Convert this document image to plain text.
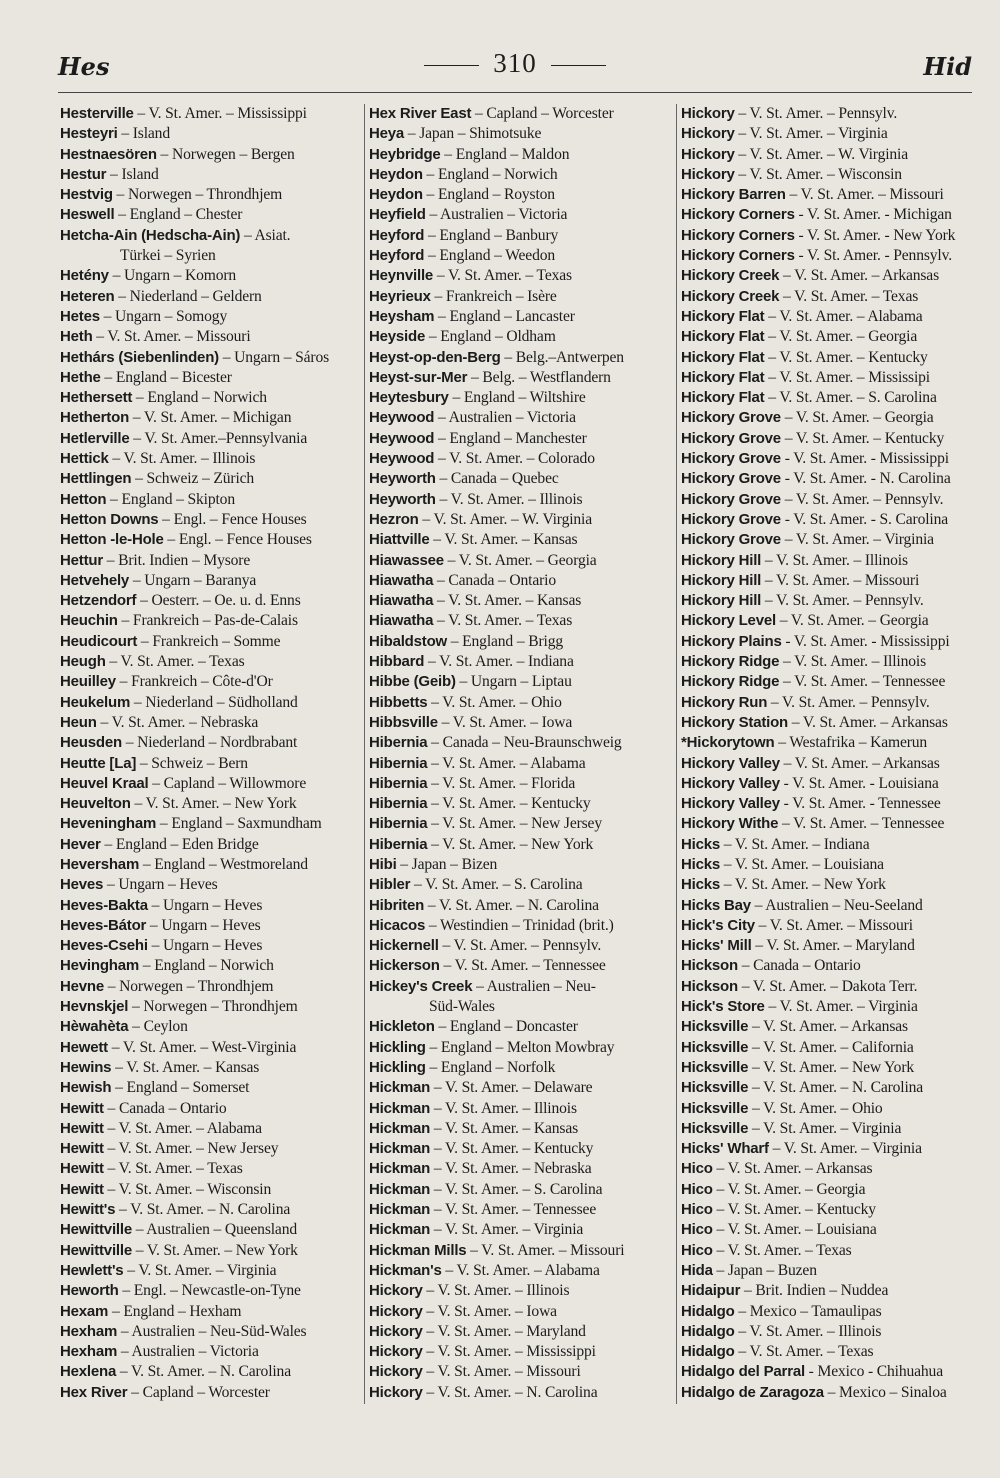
Hes	310	Hid
Hesterville – V. St. Amer. – Mississippi
Hesteyri – Island
Hestnaesören – Norwegen – Bergen
Hestur – Island
Hestvig – Norwegen – Throndhjem
Heswell – England – Chester
Hetcha-Ain (Hedscha-Ain) – Asiat.
Türkei – Syrien
Hetény – Ungarn – Komorn
Heteren – Niederland – Geldern
Hetes – Ungarn – Somogy
Heth – V. St. Amer. – Missouri
Hethárs (Siebenlinden) – Ungarn – Sáros
Hethe – England – Bicester
Hethersett – England – Norwich
Hetherton – V. St. Amer. – Michigan
Hetlerville – V. St. Amer.–Pennsylvania
Hettick – V. St. Amer. – Illinois
Hettlingen – Schweiz – Zürich
Hetton – England – Skipton
Hetton Downs – Engl. – Fence Houses
Hetton -le-Hole – Engl. – Fence Houses
Hettur – Brit. Indien – Mysore
Hetvehely – Ungarn – Baranya
Hetzendorf – Oesterr. – Oe. u. d. Enns
Heuchin – Frankreich – Pas-de-Calais
Heudicourt – Frankreich – Somme
Heugh – V. St. Amer. – Texas
Heuilley – Frankreich – Côte-d'Or
Heukelum – Niederland – Südholland
Heun – V. St. Amer. – Nebraska
Heusden – Niederland – Nordbrabant
Heutte [La] – Schweiz – Bern
Heuvel Kraal – Capland – Willowmore
Heuvelton – V. St. Amer. – New York
Heveningham – England – Saxmundham
Hever – England – Eden Bridge
Heversham – England – Westmoreland
Heves – Ungarn – Heves
Heves-Bakta – Ungarn – Heves
Heves-Bátor – Ungarn – Heves
Heves-Csehi – Ungarn – Heves
Hevingham – England – Norwich
Hevne – Norwegen – Throndhjem
Hevnskjel – Norwegen – Throndhjem
Hèwahèta – Ceylon
Hewett – V. St. Amer. – West-Virginia
Hewins – V. St. Amer. – Kansas
Hewish – England – Somerset
Hewitt – Canada – Ontario
Hewitt – V. St. Amer. – Alabama
Hewitt – V. St. Amer. – New Jersey
Hewitt – V. St. Amer. – Texas
Hewitt – V. St. Amer. – Wisconsin
Hewitt's – V. St. Amer. – N. Carolina
Hewittville – Australien – Queensland
Hewittville – V. St. Amer. – New York
Hewlett's – V. St. Amer. – Virginia
Heworth – Engl. – Newcastle-on-Tyne
Hexam – England – Hexham
Hexham – Australien – Neu-Süd-Wales
Hexham – Australien – Victoria
Hexlena – V. St. Amer. – N. Carolina
Hex River – Capland – Worcester
Hex River East – Capland – Worcester
Heya – Japan – Shimotsuke
Heybridge – England – Maldon
Heydon – England – Norwich
Heydon – England – Royston
Heyfield – Australien – Victoria
Heyford – England – Banbury
Heyford – England – Weedon
Heynville – V. St. Amer. – Texas
Heyrieux – Frankreich – Isère
Heysham – England – Lancaster
Heyside – England – Oldham
Heyst-op-den-Berg – Belg.–Antwerpen
Heyst-sur-Mer – Belg. – Westflandern
Heytesbury – England – Wiltshire
Heywood – Australien – Victoria
Heywood – England – Manchester
Heywood – V. St. Amer. – Colorado
Heyworth – Canada – Quebec
Heyworth – V. St. Amer. – Illinois
Hezron – V. St. Amer. – W. Virginia
Hiattville – V. St. Amer. – Kansas
Hiawassee – V. St. Amer. – Georgia
Hiawatha – Canada – Ontario
Hiawatha – V. St. Amer. – Kansas
Hiawatha – V. St. Amer. – Texas
Hibaldstow – England – Brigg
Hibbard – V. St. Amer. – Indiana
Hibbe (Geib) – Ungarn – Liptau
Hibbetts – V. St. Amer. – Ohio
Hibbsville – V. St. Amer. – Iowa
Hibernia – Canada – Neu-Braunschweig
Hibernia – V. St. Amer. – Alabama
Hibernia – V. St. Amer. – Florida
Hibernia – V. St. Amer. – Kentucky
Hibernia – V. St. Amer. – New Jersey
Hibernia – V. St. Amer. – New York
Hibi – Japan – Bizen
Hibler – V. St. Amer. – S. Carolina
Hibriten – V. St. Amer. – N. Carolina
Hicacos – Westindien – Trinidad (brit.)
Hickernell – V. St. Amer. – Pennsylv.
Hickerson – V. St. Amer. – Tennessee
Hickey's Creek – Australien – Neu-
Süd-Wales
Hickleton – England – Doncaster
Hickling – England – Melton Mowbray
Hickling – England – Norfolk
Hickman – V. St. Amer. – Delaware
Hickman – V. St. Amer. – Illinois
Hickman – V. St. Amer. – Kansas
Hickman – V. St. Amer. – Kentucky
Hickman – V. St. Amer. – Nebraska
Hickman – V. St. Amer. – S. Carolina
Hickman – V. St. Amer. – Tennessee
Hickman – V. St. Amer. – Virginia
Hickman Mills – V. St. Amer. – Missouri
Hickman's – V. St. Amer. – Alabama
Hickory – V. St. Amer. – Illinois
Hickory – V. St. Amer. – Iowa
Hickory – V. St. Amer. – Maryland
Hickory – V. St. Amer. – Mississippi
Hickory – V. St. Amer. – Missouri
Hickory – V. St. Amer. – N. Carolina
Hickory – V. St. Amer. – Pennsylv.
Hickory – V. St. Amer. – Virginia
Hickory – V. St. Amer. – W. Virginia
Hickory – V. St. Amer. – Wisconsin
Hickory Barren – V. St. Amer. – Missouri
Hickory Corners - V. St. Amer. - Michigan
Hickory Corners - V. St. Amer. - New York
Hickory Corners - V. St. Amer. - Pennsylv.
Hickory Creek – V. St. Amer. – Arkansas
Hickory Creek – V. St. Amer. – Texas
Hickory Flat – V. St. Amer. – Alabama
Hickory Flat – V. St. Amer. – Georgia
Hickory Flat – V. St. Amer. – Kentucky
Hickory Flat – V. St. Amer. – Mississipi
Hickory Flat – V. St. Amer. – S. Carolina
Hickory Grove – V. St. Amer. – Georgia
Hickory Grove – V. St. Amer. – Kentucky
Hickory Grove - V. St. Amer. - Mississippi
Hickory Grove - V. St. Amer. - N. Carolina
Hickory Grove – V. St. Amer. – Pennsylv.
Hickory Grove - V. St. Amer. - S. Carolina
Hickory Grove – V. St. Amer. – Virginia
Hickory Hill – V. St. Amer. – Illinois
Hickory Hill – V. St. Amer. – Missouri
Hickory Hill – V. St. Amer. – Pennsylv.
Hickory Level – V. St. Amer. – Georgia
Hickory Plains - V. St. Amer. - Mississippi
Hickory Ridge – V. St. Amer. – Illinois
Hickory Ridge – V. St. Amer. – Tennessee
Hickory Run – V. St. Amer. – Pennsylv.
Hickory Station – V. St. Amer. – Arkansas
*Hickorytown – Westafrika – Kamerun
Hickory Valley – V. St. Amer. – Arkansas
Hickory Valley - V. St. Amer. - Louisiana
Hickory Valley - V. St. Amer. - Tennessee
Hickory Withe – V. St. Amer. – Tennessee
Hicks – V. St. Amer. – Indiana
Hicks – V. St. Amer. – Louisiana
Hicks – V. St. Amer. – New York
Hicks Bay – Australien – Neu-Seeland
Hick's City – V. St. Amer. – Missouri
Hicks' Mill – V. St. Amer. – Maryland
Hickson – Canada – Ontario
Hickson – V. St. Amer. – Dakota Terr.
Hick's Store – V. St. Amer. – Virginia
Hicksville – V. St. Amer. – Arkansas
Hicksville – V. St. Amer. – California
Hicksville – V. St. Amer. – New York
Hicksville – V. St. Amer. – N. Carolina
Hicksville – V. St. Amer. – Ohio
Hicksville – V. St. Amer. – Virginia
Hicks' Wharf – V. St. Amer. – Virginia
Hico – V. St. Amer. – Arkansas
Hico – V. St. Amer. – Georgia
Hico – V. St. Amer. – Kentucky
Hico – V. St. Amer. – Louisiana
Hico – V. St. Amer. – Texas
Hida – Japan – Buzen
Hidaipur – Brit. Indien – Nuddea
Hidalgo – Mexico – Tamaulipas
Hidalgo – V. St. Amer. – Illinois
Hidalgo – V. St. Amer. – Texas
Hidalgo del Parral - Mexico - Chihuahua
Hidalgo de Zaragoza – Mexico – Sinaloa
